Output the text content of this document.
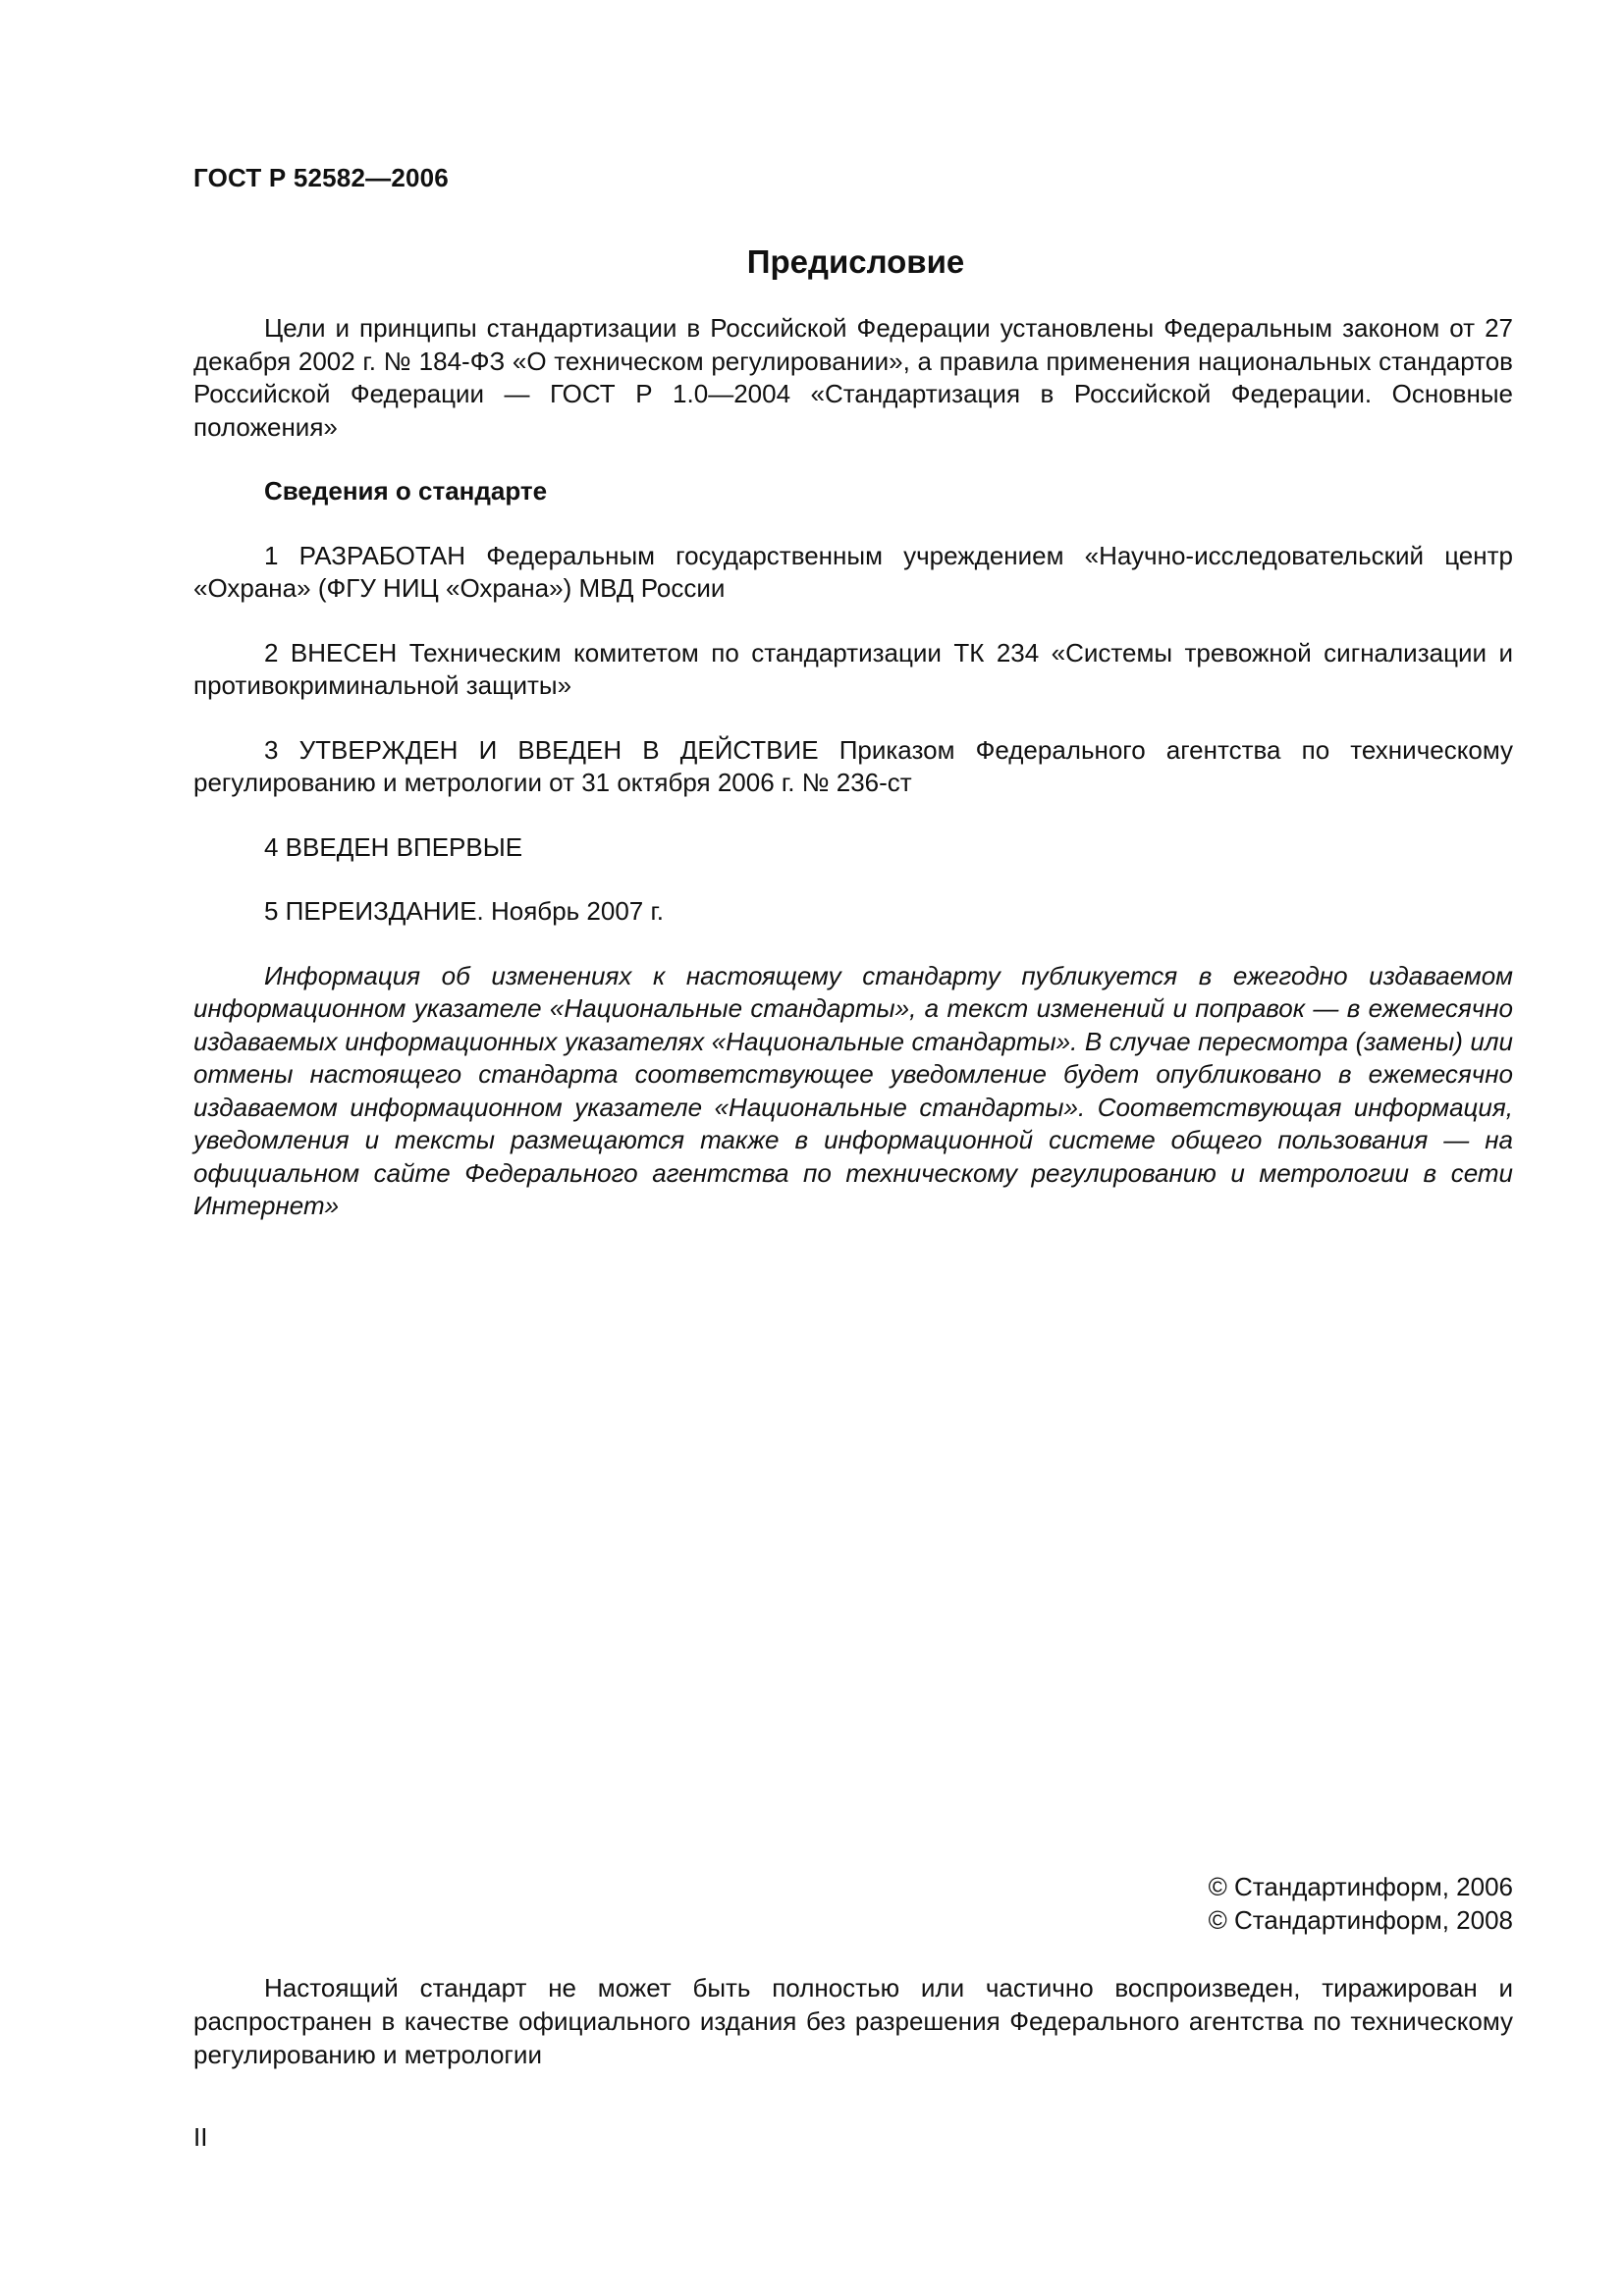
ГОСТ Р 52582—2006
Предисловие

Цели и принципы стандартизации в Российской Федерации установлены Федеральным законом от 27 декабря 2002 г. № 184-ФЗ «О техническом регулировании», а правила применения национальных стандартов Российской Федерации — ГОСТ Р 1.0—2004 «Стандартизация в Российской Федерации. Основные положения»

Сведения о стандарте

1 РАЗРАБОТАН Федеральным государственным учреждением «Научно-исследовательский центр «Охрана» (ФГУ НИЦ «Охрана») МВД России

2 ВНЕСЕН Техническим комитетом по стандартизации ТК 234 «Системы тревожной сигнализации и противокриминальной защиты»

3 УТВЕРЖДЕН И ВВЕДЕН В ДЕЙСТВИЕ Приказом Федерального агентства по техническому регулированию и метрологии от 31 октября 2006 г. № 236-ст

4 ВВЕДЕН ВПЕРВЫЕ

5 ПЕРЕИЗДАНИЕ. Ноябрь 2007 г.

Информация об изменениях к настоящему стандарту публикуется в ежегодно издаваемом информационном указателе «Национальные стандарты», а текст изменений и поправок — в ежемесячно издаваемых информационных указателях «Национальные стандарты». В случае пересмотра (замены) или отмены настоящего стандарта соответствующее уведомление будет опубликовано в ежемесячно издаваемом информационном указателе «Национальные стандарты». Соответствующая информация, уведомления и тексты размещаются также в информационной системе общего пользования — на официальном сайте Федерального агентства по техническому регулированию и метрологии в сети Интернет»

© Стандартинформ, 2006
© Стандартинформ, 2008

Настоящий стандарт не может быть полностью или частично воспроизведен, тиражирован и распространен в качестве официального издания без разрешения Федерального агентства по техническому регулированию и метрологии

II
